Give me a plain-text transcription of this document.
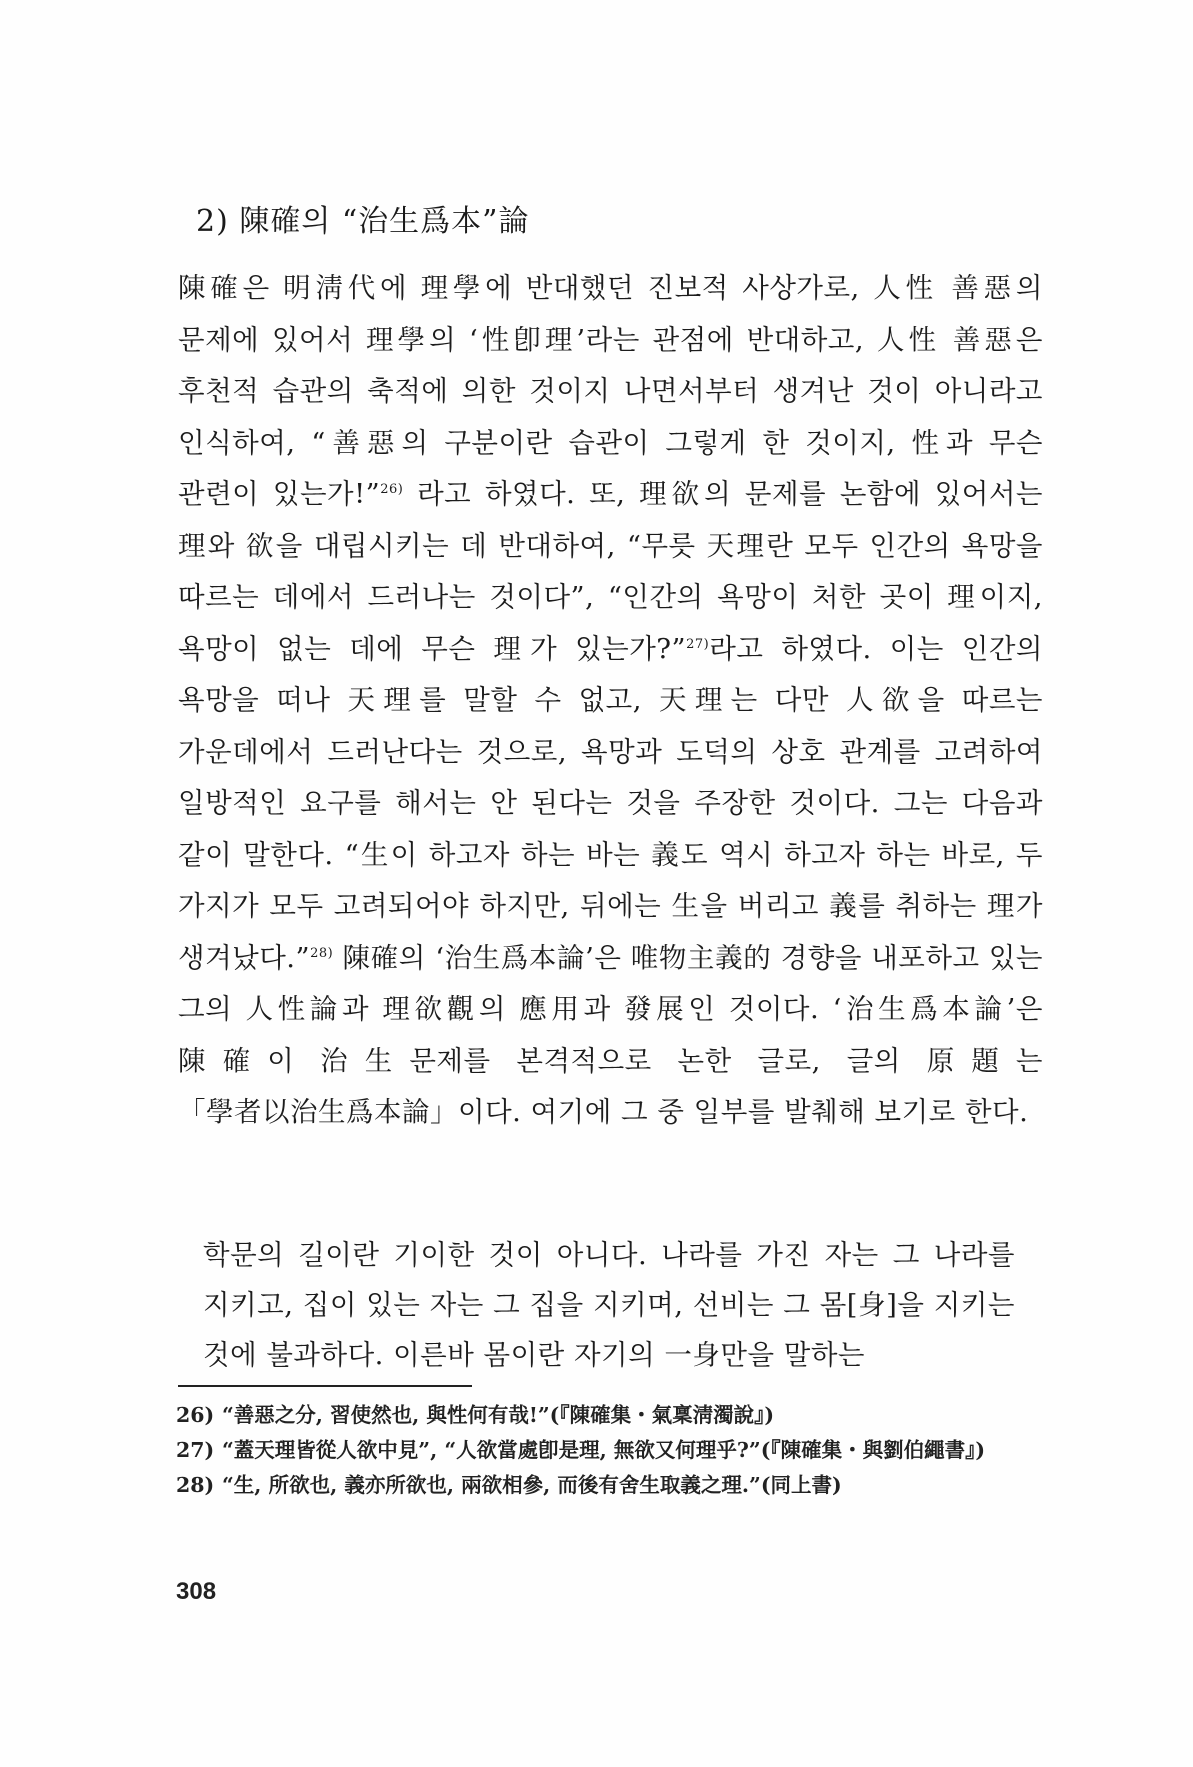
2) 陳確의 “治生爲本”論

陳確은 明淸代에 理學에 반대했던 진보적 사상가로, 人性 善惡의 문제에 있어서 理學의 ‘性卽理’라는 관점에 반대하고, 人性 善惡은 후천적 습관의 축적에 의한 것이지 나면서부터 생겨난 것이 아니라고 인식하여, “善惡의 구분이란 습관이 그렇게 한 것이지, 性과 무슨 관련이 있는가!”$^{26)}$ 라고 하였다. 또, 理欲의 문제를 논함에 있어서는 理와 欲을 대립시키는 데 반대하여, “무릇 天理란 모두 인간의 욕망을 따르는 데에서 드러나는 것이다”, “인간의 욕망이 처한 곳이 理이지, 욕망이 없는 데에 무슨 理가 있는가?”$^{27)}$라고 하였다. 이는 인간의 욕망을 떠나 天理를 말할 수 없고, 天理는 다만 人欲을 따르는 가운데에서 드러난다는 것으로, 욕망과 도덕의 상호 관계를 고려하여 일방적인 요구를 해서는 안 된다는 것을 주장한 것이다. 그는 다음과 같이 말한다. “生이 하고자 하는 바는 義도 역시 하고자 하는 바로, 두 가지가 모두 고려되어야 하지만, 뒤에는 生을 버리고 義를 취하는 理가 생겨났다.”$^{28)}$ 陳確의 ‘治生爲本論’은 唯物主義的 경향을 내포하고 있는 그의 人性論과 理欲觀의 應用과 發展인 것이다. ‘治生爲本論’은 陳確이 治生문제를 본격적으로 논한 글로, 글의 原題는 「學者以治生爲本論」이다. 여기에 그 중 일부를 발췌해 보기로 한다.

학문의 길이란 기이한 것이 아니다. 나라를 가진 자는 그 나라를 지키고, 집이 있는 자는 그 집을 지키며, 선비는 그 몸[身]을 지키는 것에 불과하다. 이른바 몸이란 자기의 一身만을 말하는

26) “善惡之分, 習使然也, 與性何有哉!”(『陳確集・氣稟淸濁說』)
27) “蓋天理皆從人欲中見”, “人欲當處卽是理, 無欲又何理乎?”(『陳確集・與劉伯繩書』)
28) “生, 所欲也, 義亦所欲也, 兩欲相參, 而後有舍生取義之理.”(同上書)
308
